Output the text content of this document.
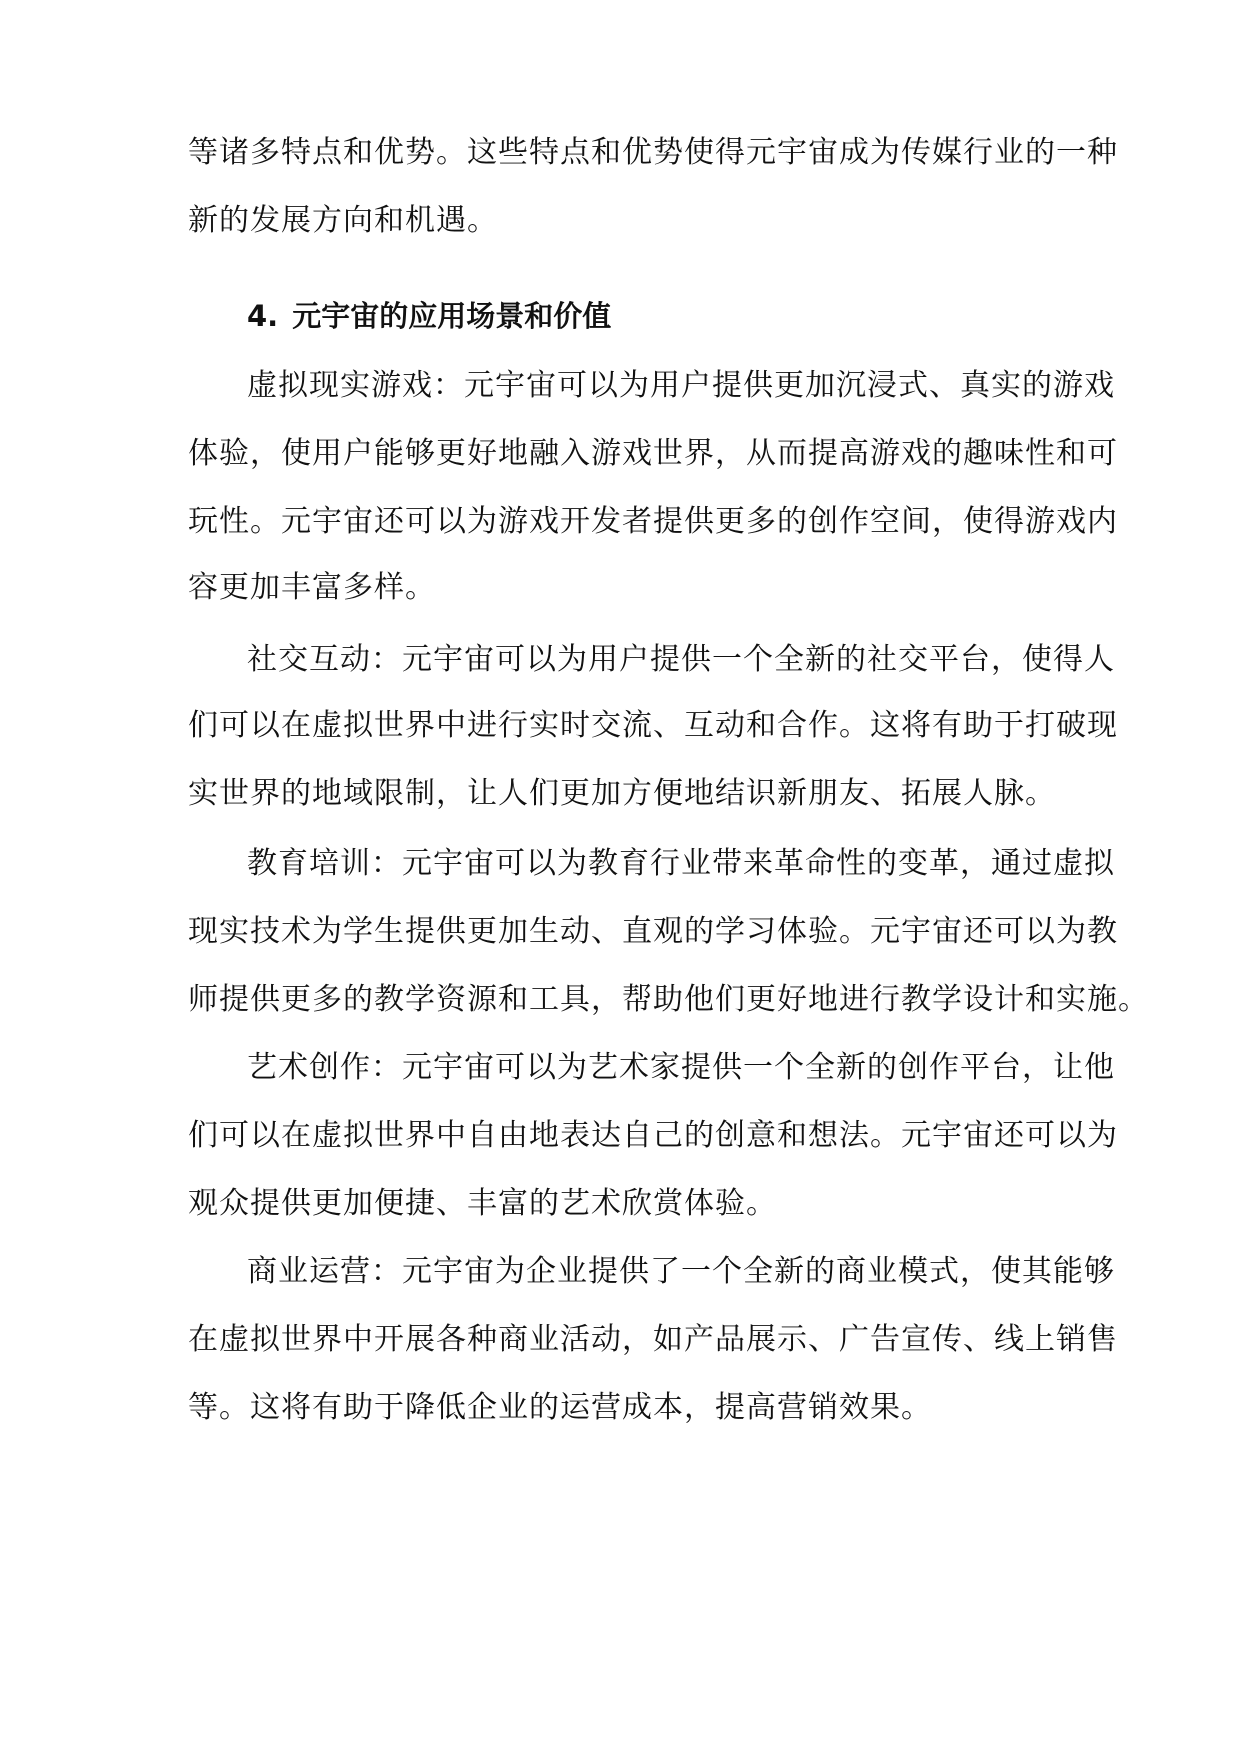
等诸多特点和优势。这些特点和优势使得元宇宙成为传媒行业的一种
新的发展方向和机遇。
4. 元宇宙的应用场景和价值
虚拟现实游戏：元宇宙可以为用户提供更加沉浸式、真实的游戏
体验，使用户能够更好地融入游戏世界，从而提高游戏的趣味性和可
玩性。元宇宙还可以为游戏开发者提供更多的创作空间，使得游戏内
容更加丰富多样。
社交互动：元宇宙可以为用户提供一个全新的社交平台，使得人
们可以在虚拟世界中进行实时交流、互动和合作。这将有助于打破现
实世界的地域限制，让人们更加方便地结识新朋友、拓展人脉。
教育培训：元宇宙可以为教育行业带来革命性的变革，通过虚拟
现实技术为学生提供更加生动、直观的学习体验。元宇宙还可以为教
师提供更多的教学资源和工具，帮助他们更好地进行教学设计和实施。
艺术创作：元宇宙可以为艺术家提供一个全新的创作平台，让他
们可以在虚拟世界中自由地表达自己的创意和想法。元宇宙还可以为
观众提供更加便捷、丰富的艺术欣赏体验。
商业运营：元宇宙为企业提供了一个全新的商业模式，使其能够
在虚拟世界中开展各种商业活动，如产品展示、广告宣传、线上销售
等。这将有助于降低企业的运营成本，提高营销效果。
